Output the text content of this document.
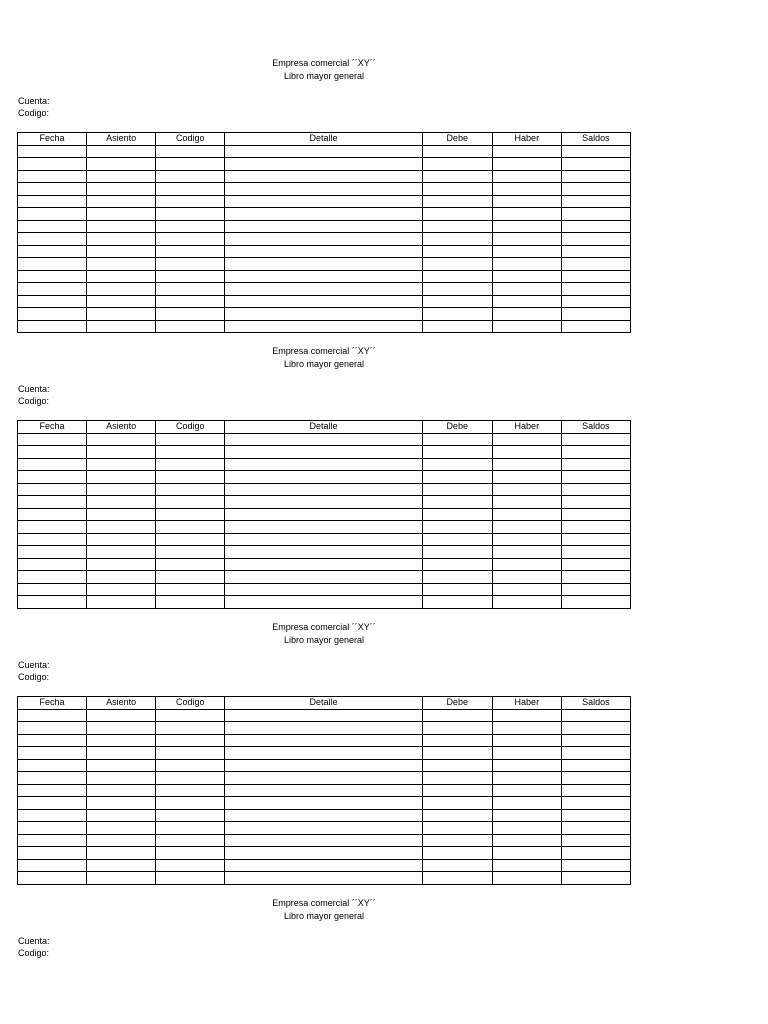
Empresa comercial ´´XY´´
Libro mayor general
Cuenta:
Codigo:
Fecha	Asiento	Codigo	Detalle	Debe	Haber	Saldos

Empresa comercial ´´XY´´
Libro mayor general
Cuenta:
Codigo:
Fecha	Asiento	Codigo	Detalle	Debe	Haber	Saldos

Empresa comercial ´´XY´´
Libro mayor general
Cuenta:
Codigo:
Fecha	Asiento	Codigo	Detalle	Debe	Haber	Saldos

Empresa comercial ´´XY´´
Libro mayor general
Cuenta:
Codigo:
